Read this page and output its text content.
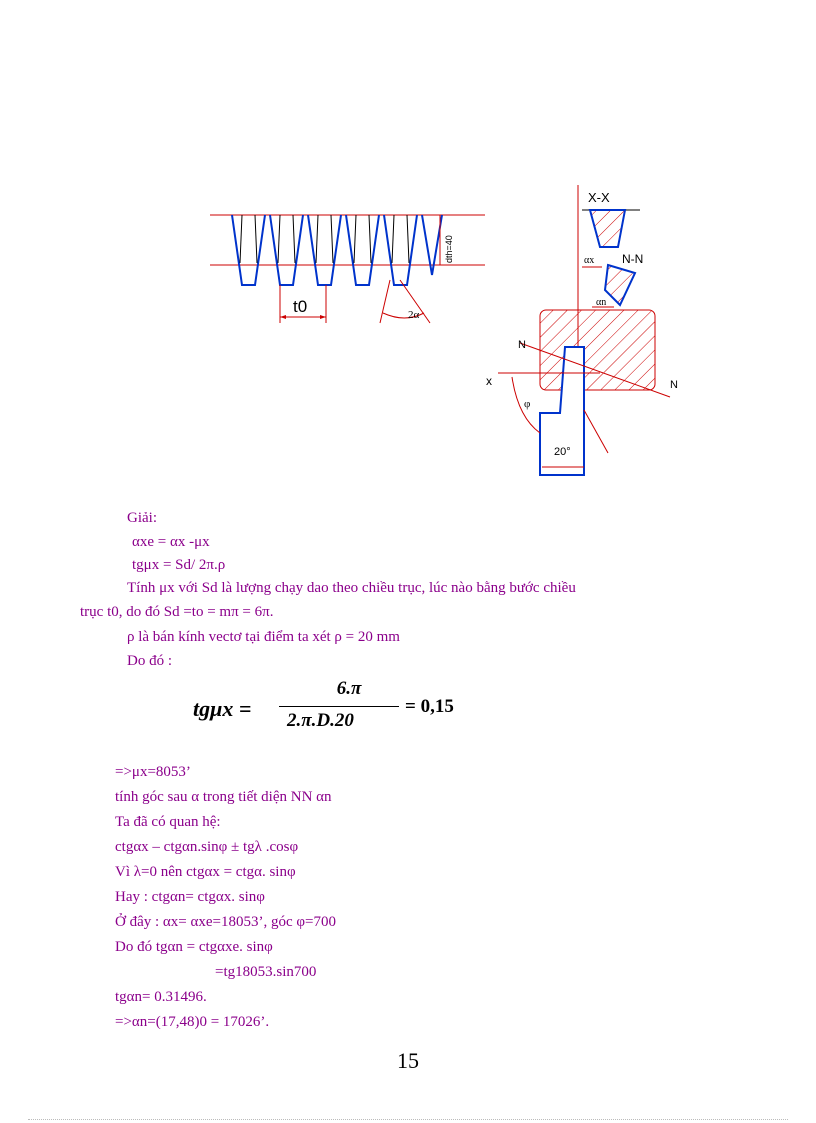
t0
dth=40
2α
X-X
αx N-N
αn
N
N
x
φ
20°
Giải:
αxe = αx -μx
tgμx = Sd/ 2π.ρ
Tính μx với Sd là lượng chạy dao theo chiều trục, lúc nào bằng bước chiều
trục t0, do đó Sd =to = mπ = 6π.
ρ là bán kính vectơ tại điểm ta xét ρ = 20 mm
Do đó :
tgμx =
6.π
2.π.D.20
= 0,15
=>μx=8053’
tính góc sau α trong tiết diện NN αn
Ta đã có quan hệ:
ctgαx – ctgαn.sinφ ± tgλ .cosφ
Vì λ=0 nên ctgαx = ctgα. sinφ
Hay : ctgαn= ctgαx. sinφ
Ở đây : αx= αxe=18053’, góc φ=700
Do đó tgαn = ctgαxe. sinφ
=tg18053.sin700
tgαn= 0.31496.
=>αn=(17,48)0 = 17026’.
15
